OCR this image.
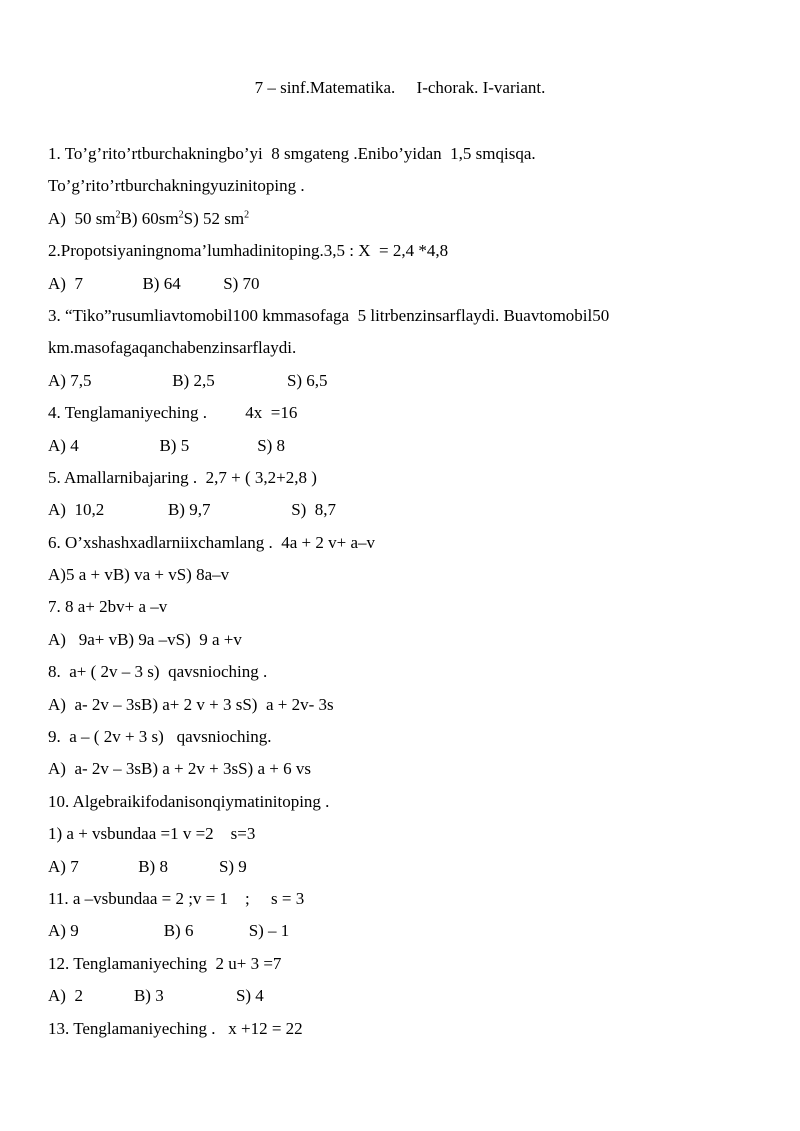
7 – sinf.Matematika.     I-chorak. I-variant.
1. To’g’rito’rtburchakningbo’yi  8 smgateng .Enibo’yidan  1,5 smqisqa.
To’g’rito’rtburchakningyuzinitoping .
A)  50 $sm^2B$) $60sm^2S$) 52 $sm^2$
2.Propotsiyaningnoma’lumhadinitoping.3,5 : X  = 2,4 *4,8
A)  7              B) 64          S) 70
3. “Tiko”rusumliavtomobil100 kmmasofaga  5 litrbenzinsarflaydi. Buavtomobil50
km.masofagaqanchabenzinsarflaydi.
A) 7,5                   B) 2,5                 S) 6,5
4. Tenglamaniyeching .         4x  =16
A) 4                   B) 5                S) 8
5. Amallarnibajaring .  2,7 + ( 3,2+2,8 )
A)  10,2               B) 9,7                   S)  8,7
6. O’xshashxadlarniixchamlang .  4a + 2 v+ a–v
A)5 a + vB) va + vS) 8a–v
7. 8 a+ 2bv+ a –v
A)   9a+ vB) 9a –vS)  9 a +v
8.  a+ ( 2v – 3 s)  qavsnioching .
A)  a- 2v – 3sB) a+ 2 v + 3 sS)  a + 2v- 3s
9.  a – ( 2v + 3 s)   qavsnioching.
A)  a- 2v – 3sB) a + 2v + 3sS) a + 6 vs
10. Algebraikifodanisonqiymatinitoping .
1) a + vsbundaa =1 v =2    s=3
A) 7              B) 8            S) 9
11. a –vsbundaa = 2 ;v = 1    ;     s = 3
A) 9                    B) 6             S) – 1
12. Tenglamaniyeching  2 u+ 3 =7
A)  2            B) 3                 S) 4
13. Tenglamaniyeching .   x +12 = 22
